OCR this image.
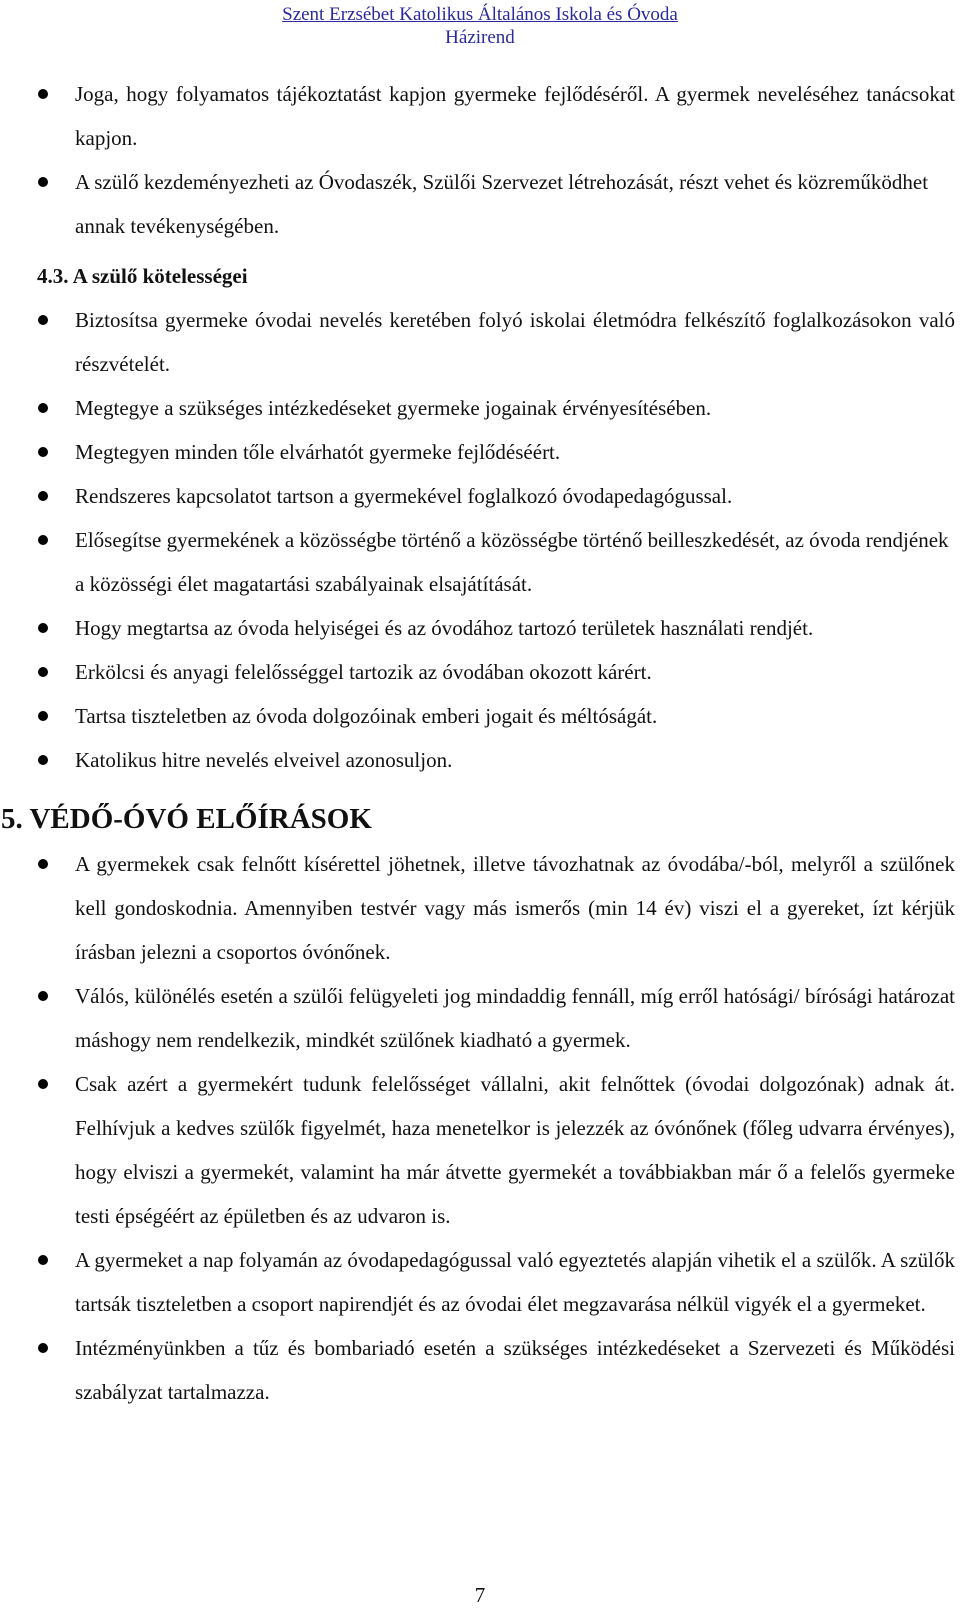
Szent Erzsébet Katolikus Általános Iskola és Óvoda
Házirend
Joga, hogy folyamatos tájékoztatást kapjon gyermeke fejlődéséről. A gyermek neveléséhez tanácsokat kapjon.
A szülő kezdeményezheti az Óvodaszék, Szülői Szervezet létrehozását, részt vehet és közreműködhet annak tevékenységében.
4.3. A szülő kötelességei
Biztosítsa gyermeke óvodai nevelés keretében folyó iskolai életmódra felkészítő foglalkozásokon való részvételét.
Megtegye a szükséges intézkedéseket gyermeke jogainak érvényesítésében.
Megtegyen minden tőle elvárhatót gyermeke fejlődéséért.
Rendszeres kapcsolatot tartson a gyermekével foglalkozó óvodapedagógussal.
Elősegítse gyermekének a közösségbe történő a közösségbe történő beilleszkedését, az óvoda rendjének a közösségi élet magatartási szabályainak elsajátítását.
Hogy megtartsa az óvoda helyiségei és az óvodához tartozó területek használati rendjét.
Erkölcsi és anyagi felelősséggel tartozik az óvodában okozott kárért.
Tartsa tiszteletben az óvoda dolgozóinak emberi jogait és méltóságát.
Katolikus hitre nevelés elveivel azonosuljon.
5. VÉDŐ-ÓVÓ ELŐÍRÁSOK
A gyermekek csak felnőtt kísérettel jöhetnek, illetve távozhatnak az óvodába/-ból, melyről a szülőnek kell gondoskodnia. Amennyiben testvér vagy más ismerős (min 14 év) viszi el a gyereket, ízt kérjük írásban jelezni a csoportos óvónőnek.
Válós, különélés esetén a szülői felügyeleti jog mindaddig fennáll, míg erről hatósági/ bírósági határozat máshogy nem rendelkezik, mindkét szülőnek kiadható a gyermek.
Csak azért a gyermekért tudunk felelősséget vállalni, akit felnőttek (óvodai dolgozónak) adnak át. Felhívjuk a kedves szülők figyelmét, haza menetelkor is jelezzék az óvónőnek (főleg udvarra érvényes), hogy elviszi a gyermekét, valamint ha már átvette gyermekét a továbbiakban már ő a felelős gyermeke testi épségéért az épületben és az udvaron is.
A gyermeket a nap folyamán az óvodapedagógussal való egyeztetés alapján vihetik el a szülők. A szülők tartsák tiszteletben a csoport napirendjét és az óvodai élet megzavarása nélkül vigyék el a gyermeket.
Intézményünkben a tűz és bombariadó esetén a szükséges intézkedéseket a Szervezeti és Működési szabályzat tartalmazza.
7
